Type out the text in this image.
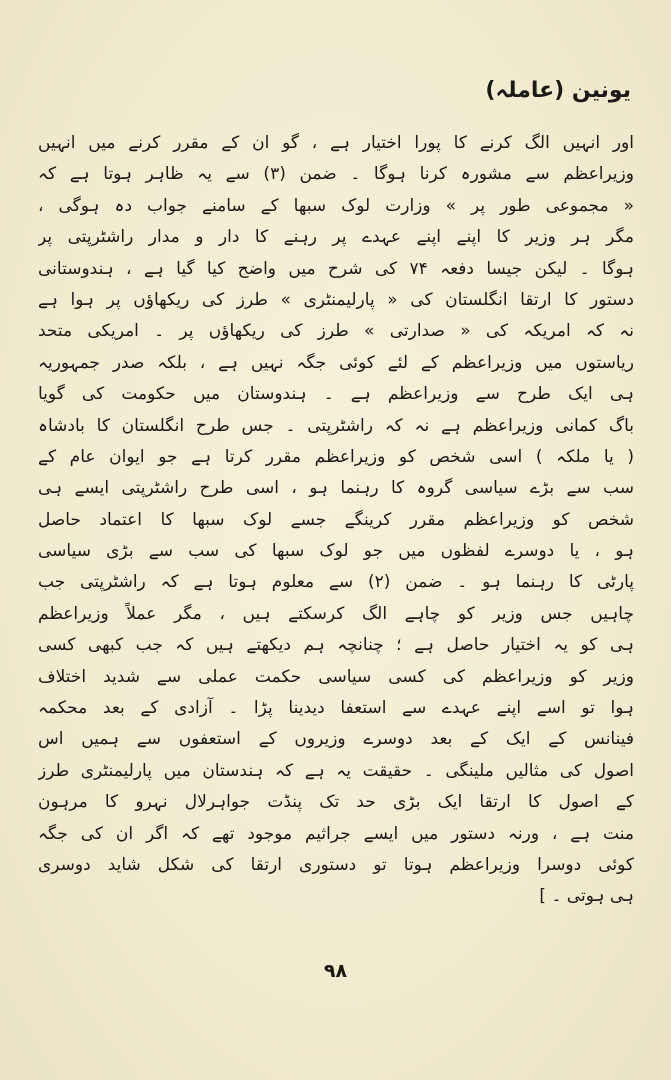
یونین (عاملہ)
اور انہیں الگ کرنے کا پورا اختیار ہے ، گو ان کے مقرر کرنے میں انہیں
وزیراعظم سے مشورہ کرنا ہوگا ۔ ضمن (۳) سے یہ ظاہر ہوتا ہے کہ
« مجموعی طور پر » وزارت لوک سبھا کے سامنے جواب دہ ہوگی ،
مگر ہر وزیر کا اپنے اپنے عہدے پر رہنے کا دار و مدار راشٹرپتی پر
ہوگا ۔ لیکن جیسا دفعہ ۷۴ کی شرح میں واضح کیا گیا ہے ، ہندوستانی
دستور کا ارتقا انگلستان کی « پارلیمنٹری » طرز کی ریکھاؤں پر ہوا ہے
نہ کہ امریکہ کی « صدارتی » طرز کی ریکھاؤں پر ۔ امریکی متحد
ریاستوں میں وزیراعظم کے لئے کوئی جگہ نہیں ہے ، بلکہ صدر جمہوریہ
ہی ایک طرح سے وزیراعظم ہے ۔ ہندوستان میں حکومت کی گویا
باگ کمانی وزیراعظم ہے نہ کہ راشٹرپتی ۔ جس طرح انگلستان کا بادشاہ
( یا ملکہ ) اسی شخص کو وزیراعظم مقرر کرتا ہے جو ایوان عام کے
سب سے بڑے سیاسی گروہ کا رہنما ہو ، اسی طرح راشٹرپتی ایسے ہی
شخص کو وزیراعظم مقرر کرینگے جسے لوک سبھا کا اعتماد حاصل
ہو ، یا دوسرے لفظوں میں جو لوک سبھا کی سب سے بڑی سیاسی
پارٹی کا رہنما ہو ۔ ضمن (۲) سے معلوم ہوتا ہے کہ راشٹرپتی جب
چاہیں جس وزیر کو چاہے الگ کرسکتے ہیں ، مگر عملاً وزیراعظم
ہی کو یہ اختیار حاصل ہے ؛ چنانچہ ہم دیکھتے ہیں کہ جب کبھی کسی
وزیر کو وزیراعظم کی کسی سیاسی حکمت عملی سے شدید اختلاف
ہوا تو اسے اپنے عہدے سے استعفا دیدینا پڑا ۔ آزادی کے بعد محکمہ
فینانس کے ایک کے بعد دوسرے وزیروں کے استعفوں سے ہمیں اس
اصول کی مثالیں ملینگی ۔ حقیقت یہ ہے کہ ہندستان میں پارلیمنٹری طرز
کے اصول کا ارتقا ایک بڑی حد تک پنڈت جواہرلال نہرو کا مرہون
منت ہے ، ورنہ دستور میں ایسے جراثیم موجود تھے کہ اگر ان کی جگہ
کوئی دوسرا وزیراعظم ہوتا تو دستوری ارتقا کی شکل شاید دوسری
ہی ہوتی ۔ ]
۹۸
